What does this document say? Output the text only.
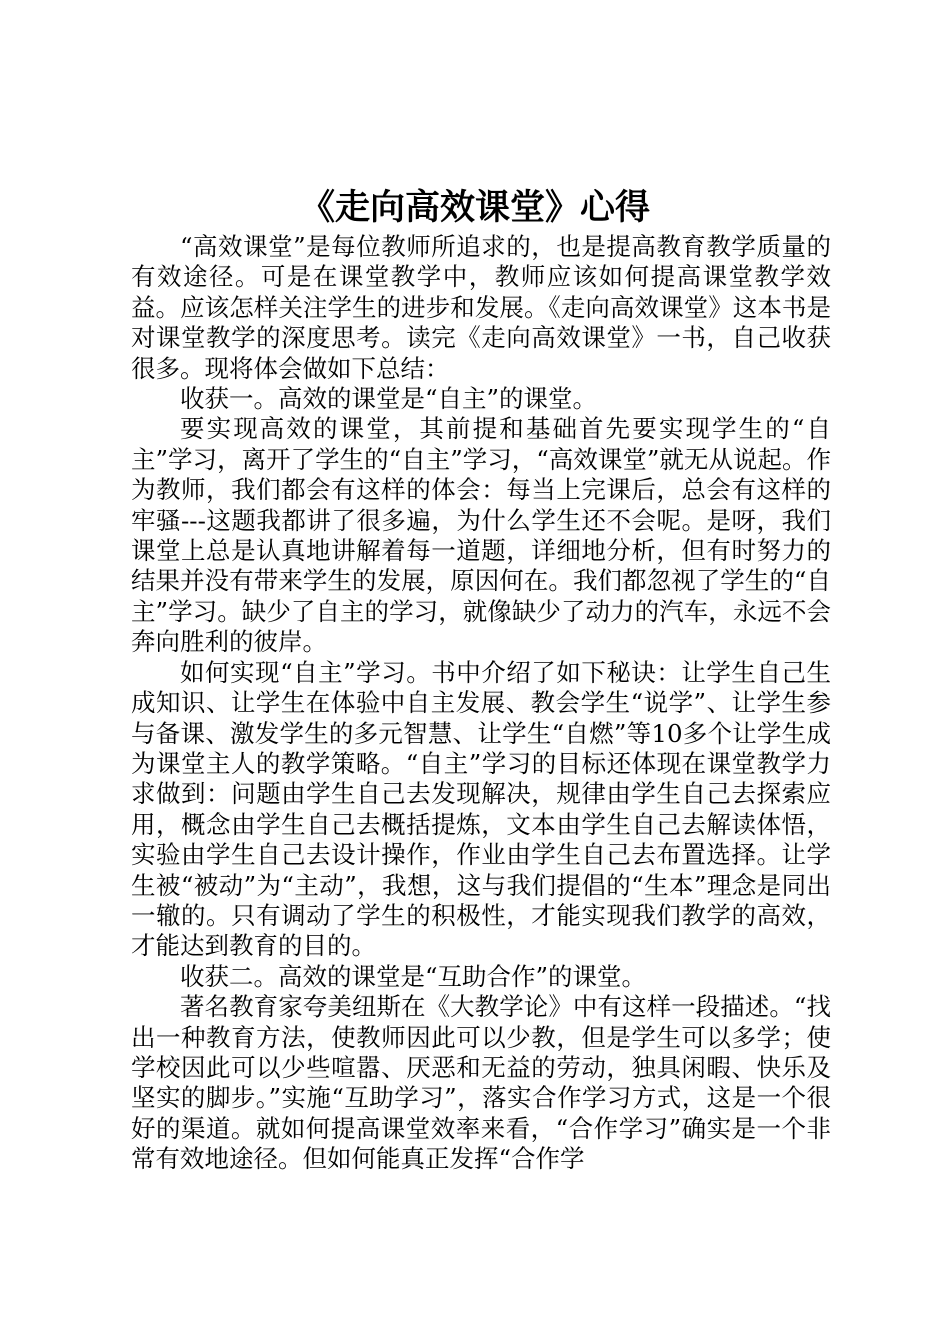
《走向高效课堂》心得

“高效课堂”是每位教师所追求的，也是提高教育教学质量的有效途径。可是在课堂教学中，教师应该如何提高课堂教学效益。应该怎样关注学生的进步和发展。《走向高效课堂》这本书是对课堂教学的深度思考。读完《走向高效课堂》一书，自己收获很多。现将体会做如下总结：

收获一。高效的课堂是“自主”的课堂。

要实现高效的课堂，其前提和基础首先要实现学生的“自主”学习，离开了学生的“自主”学习，“高效课堂”就无从说起。作为教师，我们都会有这样的体会：每当上完课后，总会有这样的牢骚---这题我都讲了很多遍，为什么学生还不会呢。是呀，我们课堂上总是认真地讲解着每一道题，详细地分析，但有时努力的结果并没有带来学生的发展，原因何在。我们都忽视了学生的“自主”学习。缺少了自主的学习，就像缺少了动力的汽车，永远不会奔向胜利的彼岸。

如何实现“自主”学习。书中介绍了如下秘诀：让学生自己生成知识、让学生在体验中自主发展、教会学生“说学”、让学生参与备课、激发学生的多元智慧、让学生“自燃”等10多个让学生成为课堂主人的教学策略。“自主”学习的目标还体现在课堂教学力求做到：问题由学生自己去发现解决，规律由学生自己去探索应用，概念由学生自己去概括提炼，文本由学生自己去解读体悟，实验由学生自己去设计操作，作业由学生自己去布置选择。让学生被“被动”为“主动”，我想，这与我们提倡的“生本”理念是同出一辙的。只有调动了学生的积极性，才能实现我们教学的高效，才能达到教育的目的。

收获二。高效的课堂是“互助合作”的课堂。

著名教育家夸美纽斯在《大教学论》中有这样一段描述。“找出一种教育方法，使教师因此可以少教，但是学生可以多学；使学校因此可以少些喧嚣、厌恶和无益的劳动，独具闲暇、快乐及坚实的脚步。”实施“互助学习”，落实合作学习方式，这是一个很好的渠道。就如何提高课堂效率来看，“合作学习”确实是一个非常有效地途径。但如何能真正发挥“合作学
